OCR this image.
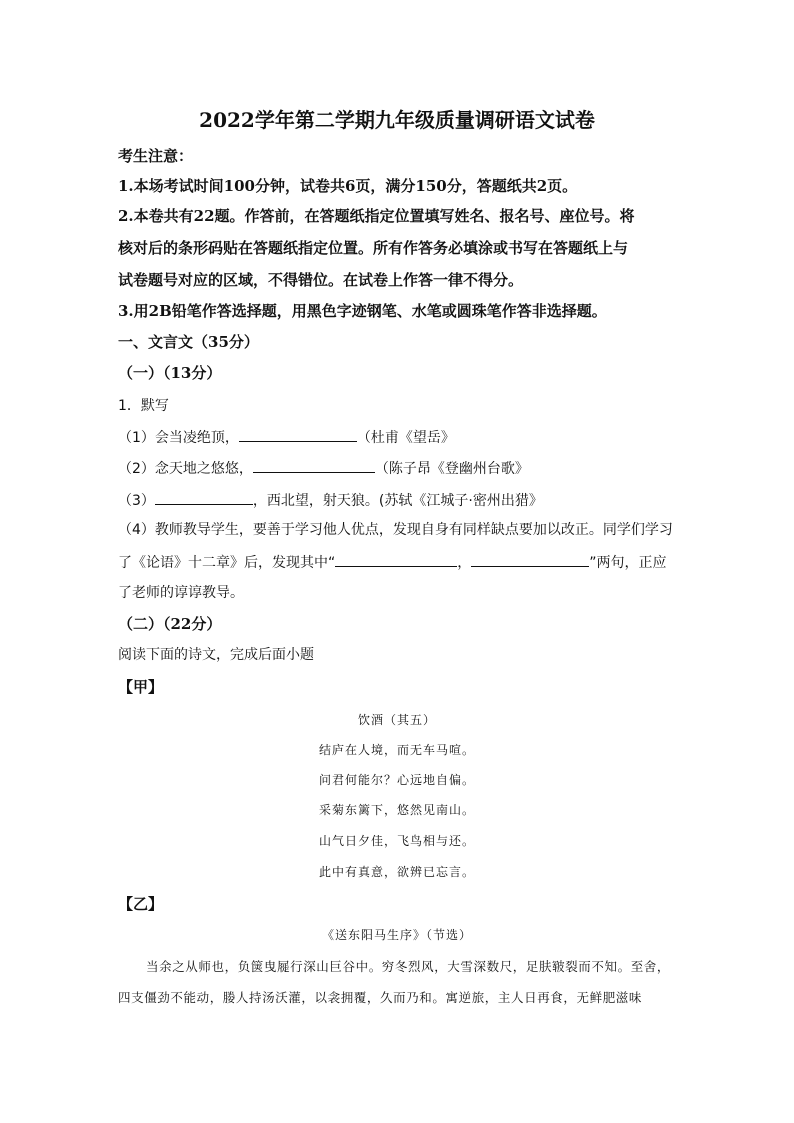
2022学年第二学期九年级质量调研语文试卷
考生注意：
1.本场考试时间100分钟，试卷共6页，满分150分，答题纸共2页。
2.本卷共有22题。作答前，在答题纸指定位置填写姓名、报名号、座位号。将
核对后的条形码贴在答题纸指定位置。所有作答务必填涂或书写在答题纸上与
试卷题号对应的区域，不得错位。在试卷上作答一律不得分。
3.用2B铅笔作答选择题，用黑色字迹钢笔、水笔或圆珠笔作答非选择题。
一、文言文（35分）
（一）（13分）
1．默写
（1）会当凌绝顶，	（杜甫《望岳》
（2）念天地之悠悠，	（陈子昂《登幽州台歌》
（3）	，西北望，射天狼。(苏轼《江城子·密州出猎》
（4）教师教导学生，要善于学习他人优点，发现自身有同样缺点要加以改正。同学们学习
了《论语》十二章》后，发现其中“	，	”两句，正应
了老师的谆谆教导。
（二）（22分）
阅读下面的诗文，完成后面小题
【甲】
饮酒（其五）
结庐在人境，而无车马喧。
问君何能尔？心远地自偏。
采菊东篱下，悠然见南山。
山气日夕佳，飞鸟相与还。
此中有真意，欲辨已忘言。
【乙】
《送东阳马生序》（节选）
当余之从师也，负箧曳屣行深山巨谷中。穷冬烈风，大雪深数尺，足肤皲裂而不知。至舍，
四支僵劲不能动，媵人持汤沃灌，以衾拥覆，久而乃和。寓逆旅，主人日再食，无鲜肥滋味
